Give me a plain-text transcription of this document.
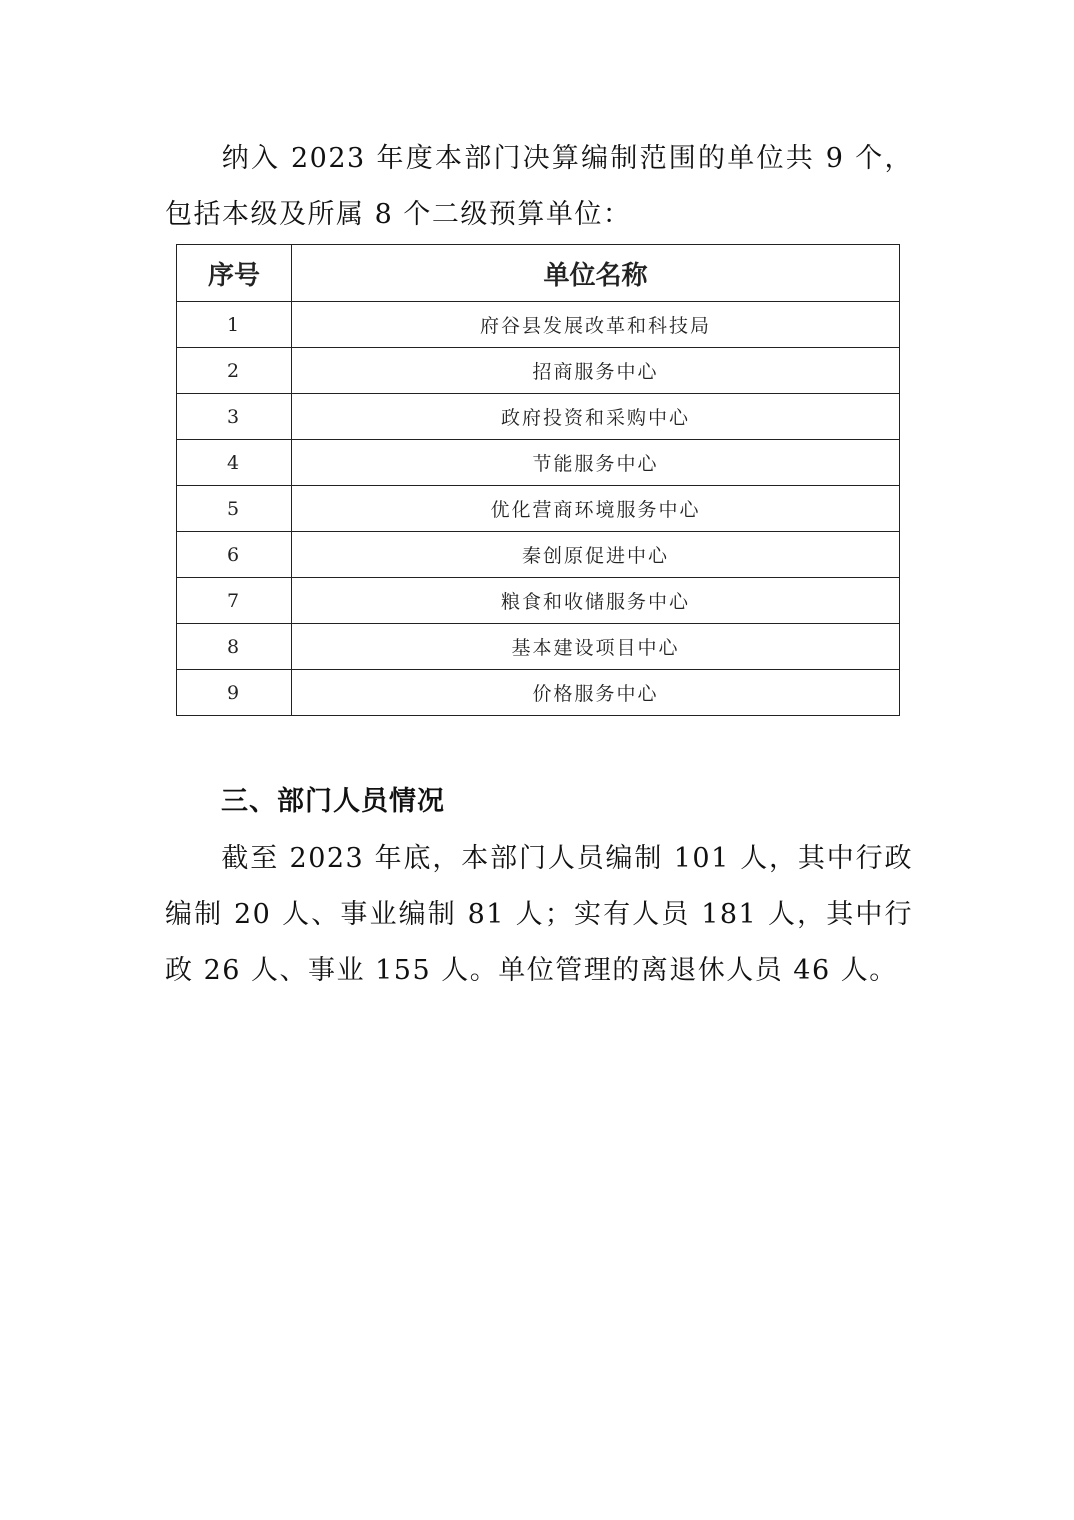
纳入 2023 年度本部门决算编制范围的单位共 9 个，包括本级及所属 8 个二级预算单位：

序号	单位名称
1	府谷县发展改革和科技局
2	招商服务中心
3	政府投资和采购中心
4	节能服务中心
5	优化营商环境服务中心
6	秦创原促进中心
7	粮食和收储服务中心
8	基本建设项目中心
9	价格服务中心
三、部门人员情况

截至 2023 年底，本部门人员编制 101 人，其中行政编制 20 人、事业编制 81 人；实有人员 181 人，其中行政 26 人、事业 155 人。单位管理的离退休人员 46 人。
